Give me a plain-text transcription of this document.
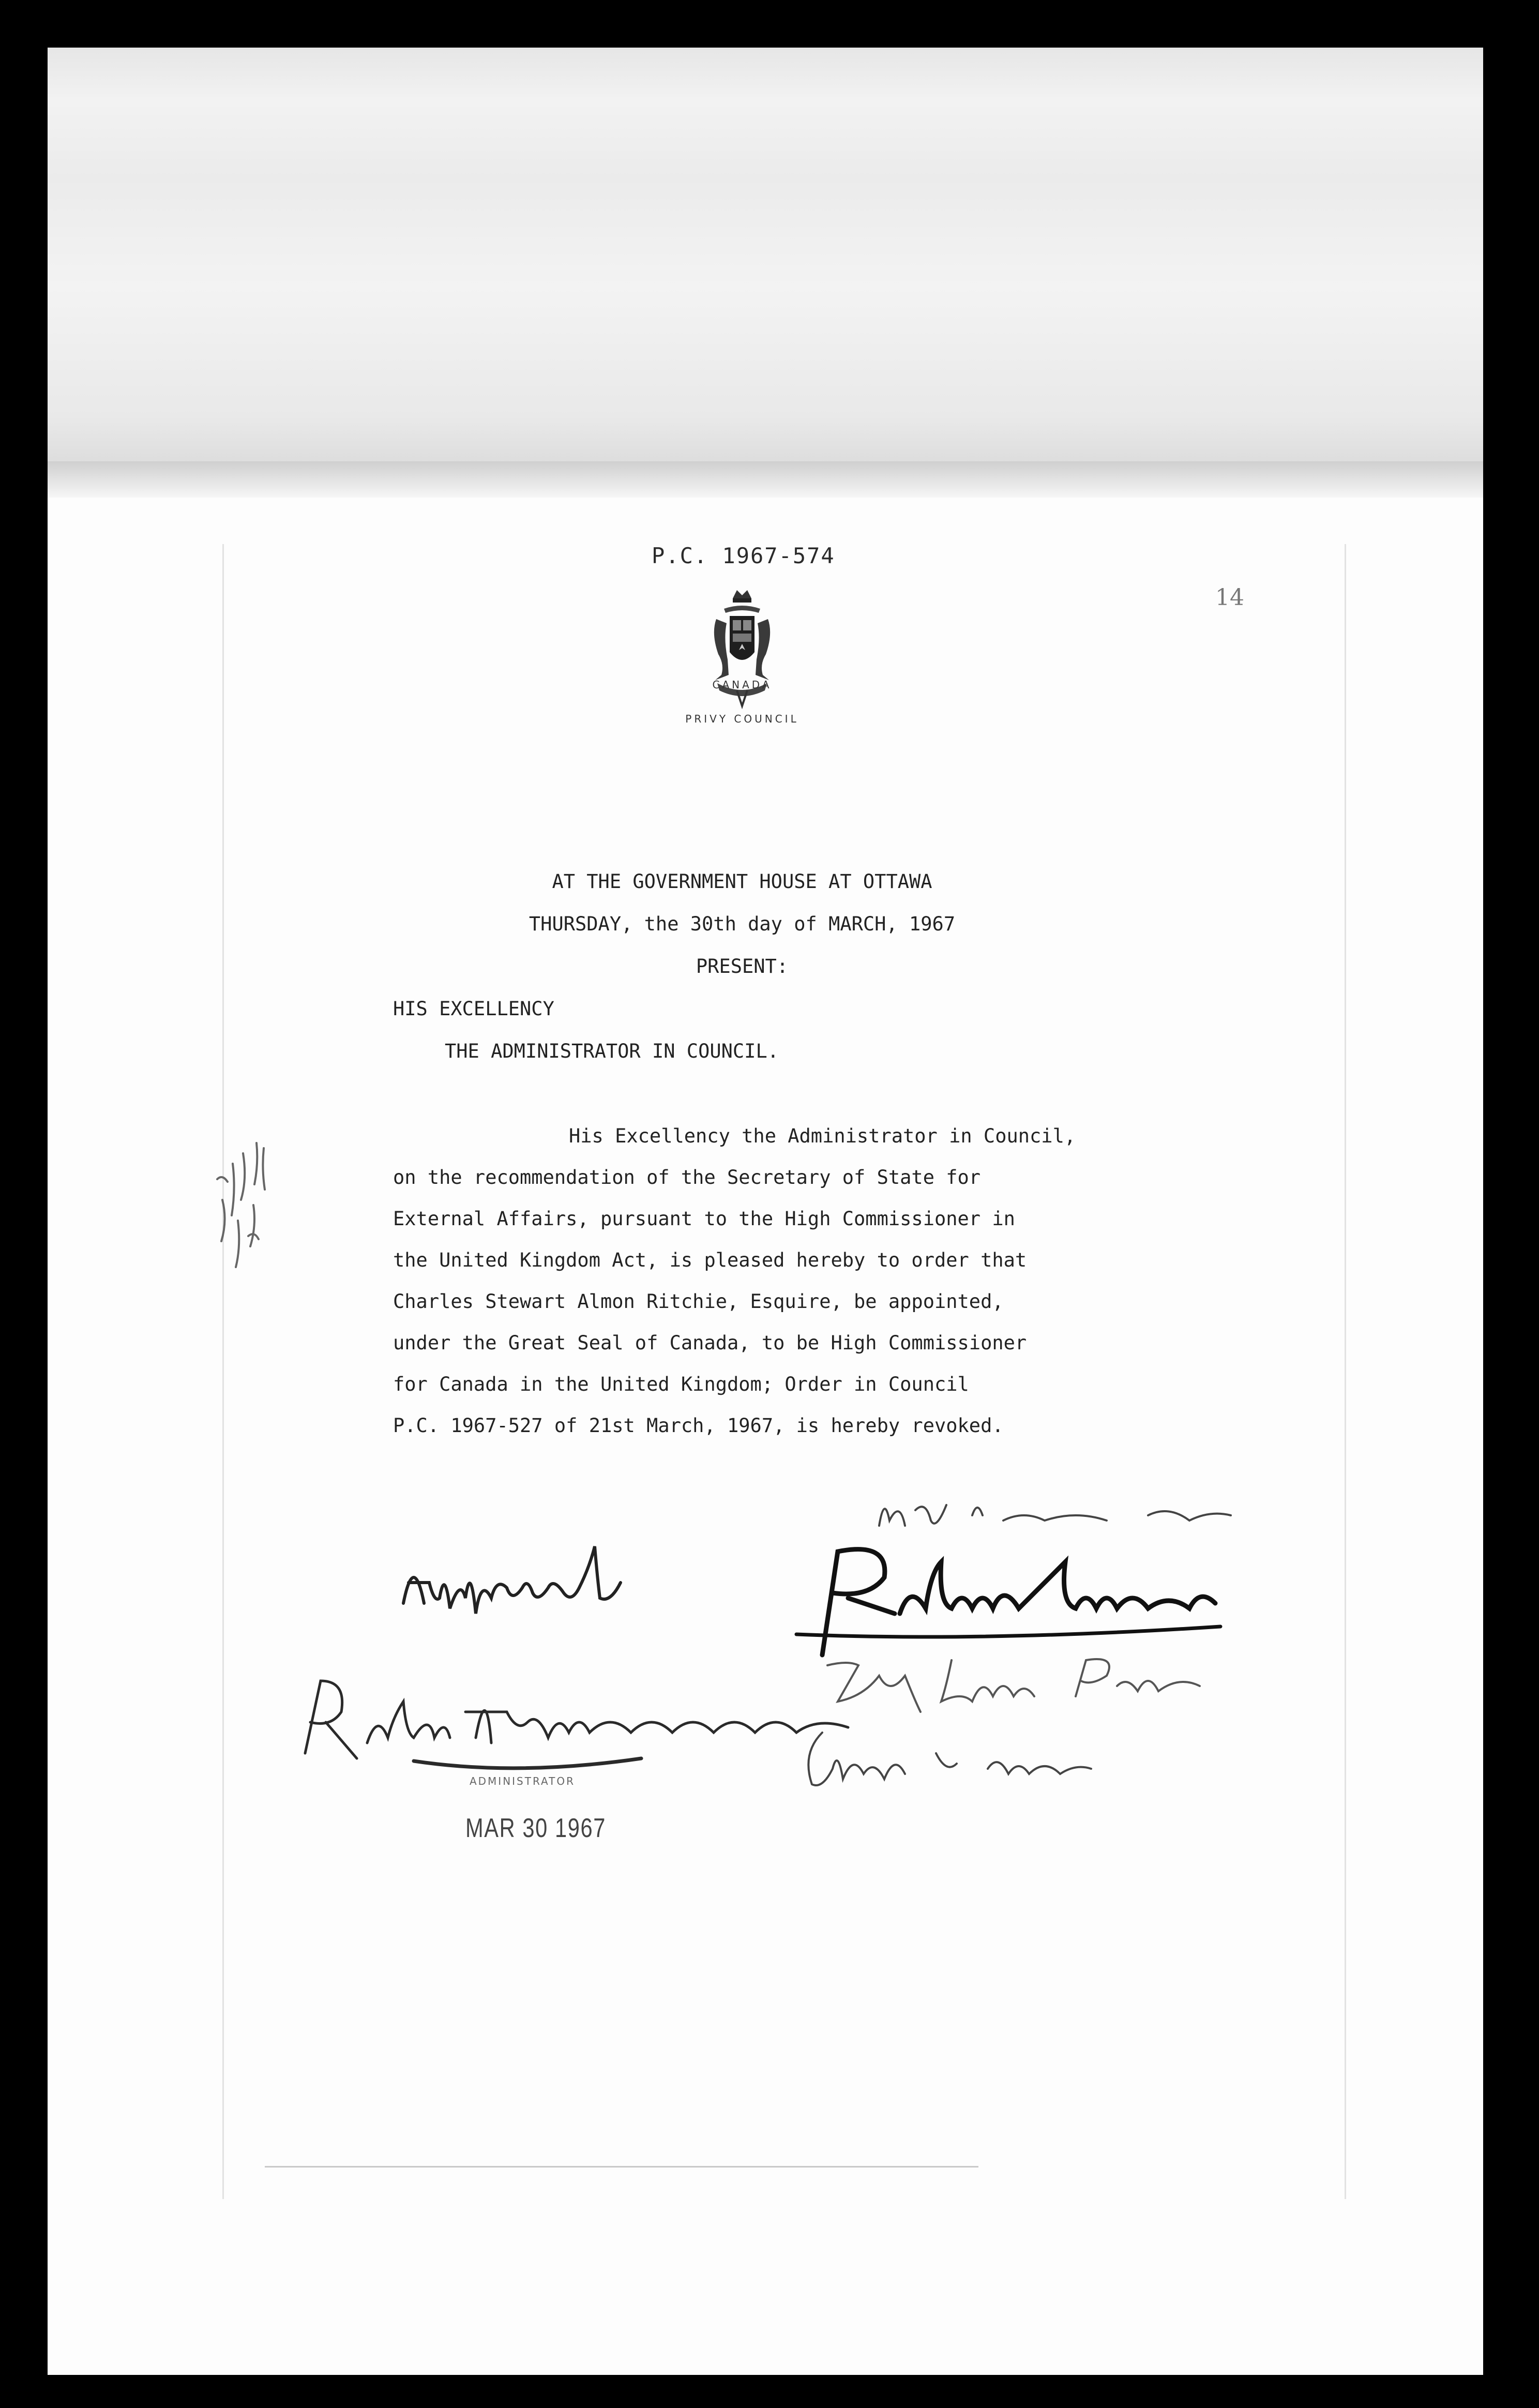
P.C. 1967-574
14
CANADA
PRIVY COUNCIL
AT THE GOVERNMENT HOUSE AT OTTAWA
THURSDAY, the 30th day of MARCH, 1967
PRESENT:
HIS EXCELLENCY
THE ADMINISTRATOR IN COUNCIL.
His Excellency the Administrator in Council,
on the recommendation of the Secretary of State for
External Affairs, pursuant to the High Commissioner in
the United Kingdom Act, is pleased hereby to order that
Charles Stewart Almon Ritchie, Esquire, be appointed,
under the Great Seal of Canada, to be High Commissioner
for Canada in the United Kingdom; Order in Council
P.C. 1967-527 of 21st March, 1967, is hereby revoked.
ADMINISTRATOR
MAR 30 1967
